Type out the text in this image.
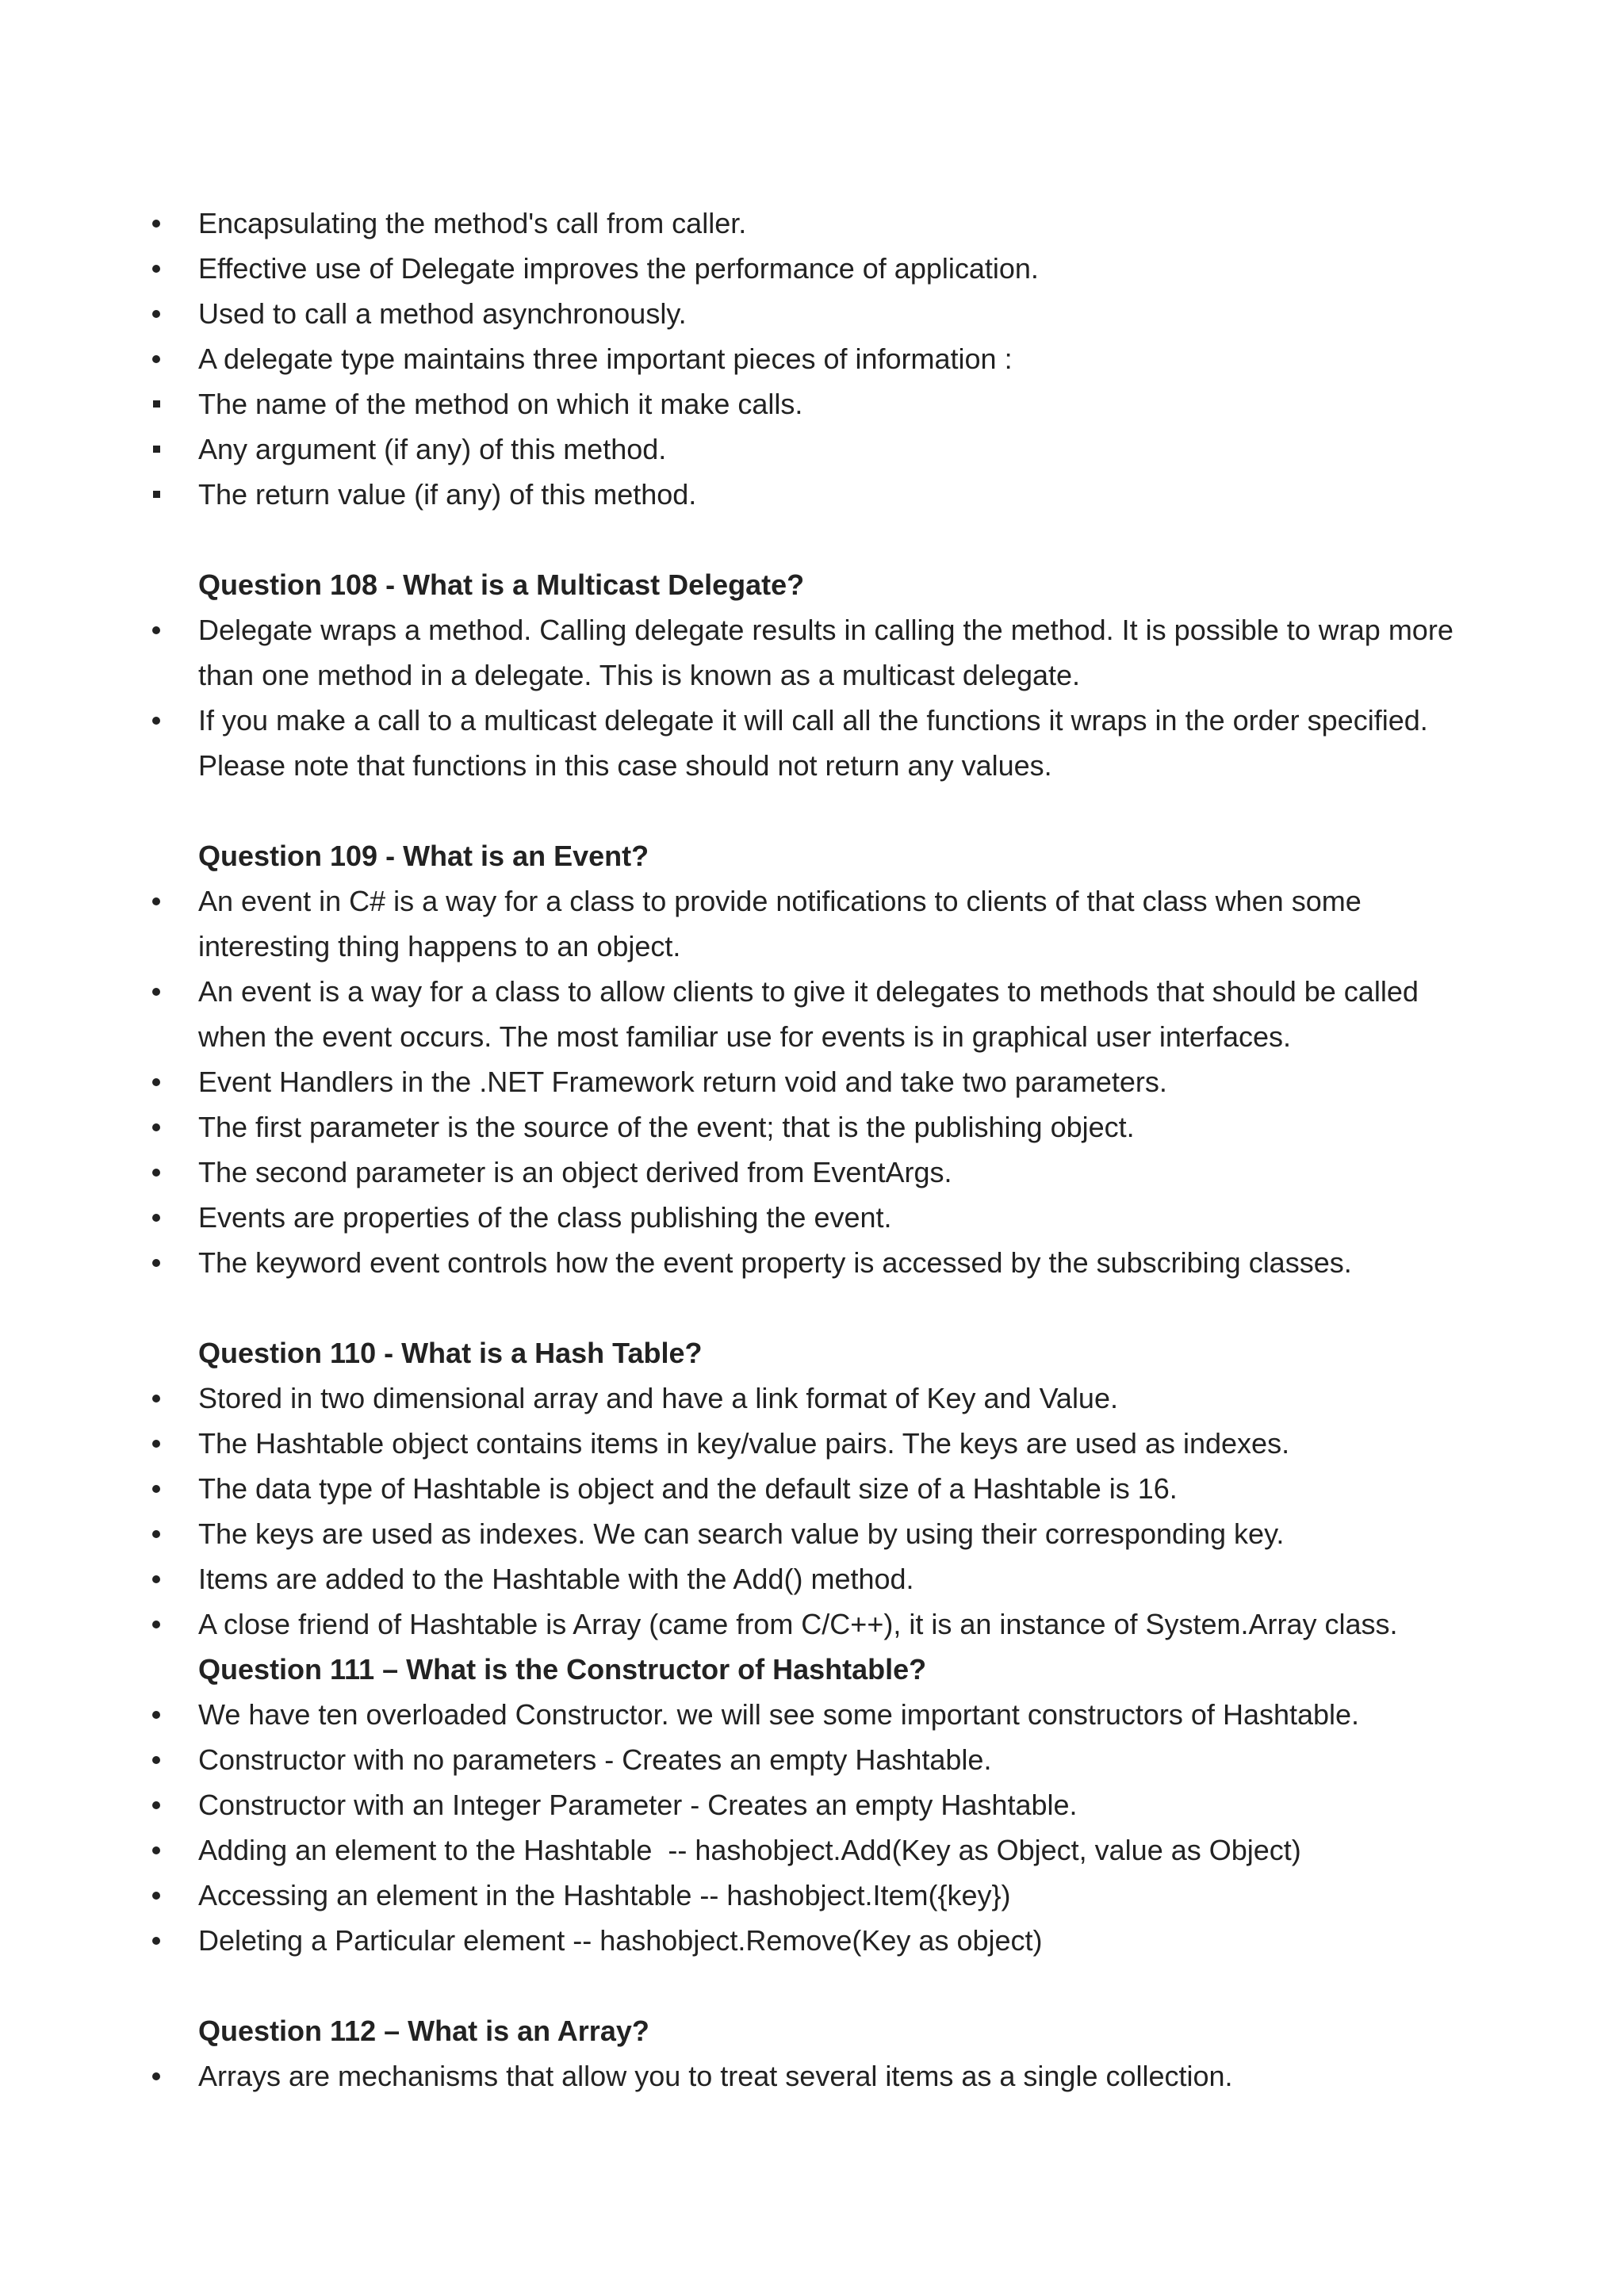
Encapsulating the method's call from caller.
Effective use of Delegate improves the performance of application.
Used to call a method asynchronously.
A delegate type maintains three important pieces of information :
The name of the method on which it make calls.
Any argument (if any) of this method.
The return value (if any) of this method.
Question 108 - What is a Multicast Delegate?
Delegate wraps a method. Calling delegate results in calling the method. It is possible to wrap more than one method in a delegate. This is known as a multicast delegate.
If you make a call to a multicast delegate it will call all the functions it wraps in the order specified. Please note that functions in this case should not return any values.
Question 109 - What is an Event?
An event in C# is a way for a class to provide notifications to clients of that class when some interesting thing happens to an object.
An event is a way for a class to allow clients to give it delegates to methods that should be called when the event occurs. The most familiar use for events is in graphical user interfaces.
Event Handlers in the .NET Framework return void and take two parameters.
The first parameter is the source of the event; that is the publishing object.
The second parameter is an object derived from EventArgs.
Events are properties of the class publishing the event.
The keyword event controls how the event property is accessed by the subscribing classes.
Question 110 - What is a Hash Table?
Stored in two dimensional array and have a link format of Key and Value.
The Hashtable object contains items in key/value pairs. The keys are used as indexes.
The data type of Hashtable is object and the default size of a Hashtable is 16.
The keys are used as indexes. We can search value by using their corresponding key.
Items are added to the Hashtable with the Add() method.
A close friend of Hashtable is Array (came from C/C++), it is an instance of System.Array class.
Question 111 – What is the Constructor of Hashtable?
We have ten overloaded Constructor. we will see some important constructors of Hashtable.
Constructor with no parameters - Creates an empty Hashtable.
Constructor with an Integer Parameter - Creates an empty Hashtable.
Adding an element to the Hashtable  -- hashobject.Add(Key as Object, value as Object)
Accessing an element in the Hashtable -- hashobject.Item({key})
Deleting a Particular element -- hashobject.Remove(Key as object)
Question 112 – What is an Array?
Arrays are mechanisms that allow you to treat several items as a single collection.
